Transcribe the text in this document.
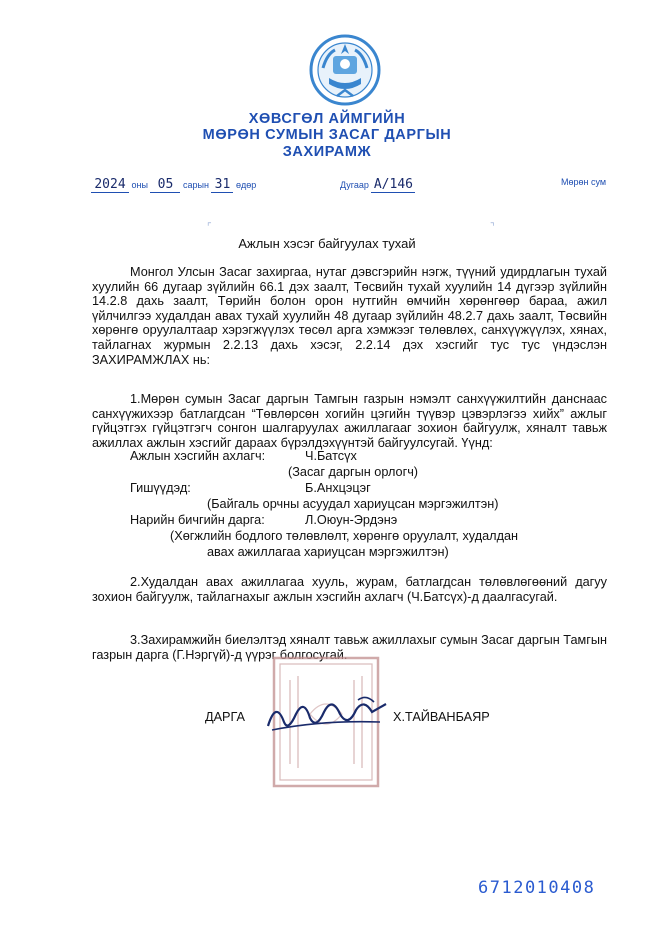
ХӨВСГӨЛ АЙМГИЙН
МӨРӨН СУМЫН ЗАСАГ ДАРГЫН
ЗАХИРАМЖ
2024 оны 05 сарын 31 өдөр	Дугаар А/146	Мөрөн сум
⌜	⌝
Ажлын хэсэг байгуулах тухай
Монгол Улсын Засаг захиргаа, нутаг дэвсгэрийн нэгж, түүний удирдлагын тухай хуулийн 66 дугаар зүйлийн 66.1 дэх заалт, Төсвийн тухай хуулийн 14 дүгээр зүйлийн 14.2.8 дахь заалт, Төрийн болон орон нутгийн өмчийн хөрөнгөөр бараа, ажил үйлчилгээ худалдан авах тухай хуулийн 48 дугаар зүйлийн 48.2.7 дахь заалт, Төсвийн хөрөнгө оруулалтаар хэрэгжүүлэх төсөл арга хэмжээг төлөвлөх, санхүүжүүлэх, хянах, тайлагнах журмын 2.2.13 дахь хэсэг, 2.2.14 дэх хэсгийг тус тус үндэслэн ЗАХИРАМЖЛАХ нь:
1.Мөрөн сумын Засаг даргын Тамгын газрын нэмэлт санхүүжилтийн данснаас санхүүжихээр батлагдсан “Төвлөрсөн хогийн цэгийн түүвэр цэвэрлэгээ хийх” ажлыг гүйцэтгэх гүйцэтгэгч сонгон шалгаруулах ажиллагааг зохион байгуулж, хяналт тавьж ажиллах ажлын хэсгийг дараах бүрэлдэхүүнтэй байгуулсугай. Үүнд:
Ажлын хэсгийн ахлагч:	Ч.Батсүх
(Засаг даргын орлогч)
Гишүүдэд:	Б.Анхцэцэг
(Байгаль орчны асуудал хариуцсан мэргэжилтэн)
Нарийн бичгийн дарга:	Л.Оюун-Эрдэнэ
(Хөгжлийн бодлого төлөвлөлт, хөрөнгө оруулалт, худалдан
авах ажиллагаа хариуцсан мэргэжилтэн)
2.Худалдан авах ажиллагаа хууль, журам, батлагдсан төлөвлөгөөний дагуу зохион байгуулж, тайлагнахыг ажлын хэсгийн ахлагч (Ч.Батсүх)-д даалгасугай.
3.Захирамжийн биелэлтэд хяналт тавьж ажиллахыг сумын Засаг даргын Тамгын газрын дарга (Г.Нэргүй)-д үүрэг болгосугай.
ДАРГА	Х.ТАЙВАНБАЯР
6712010408
